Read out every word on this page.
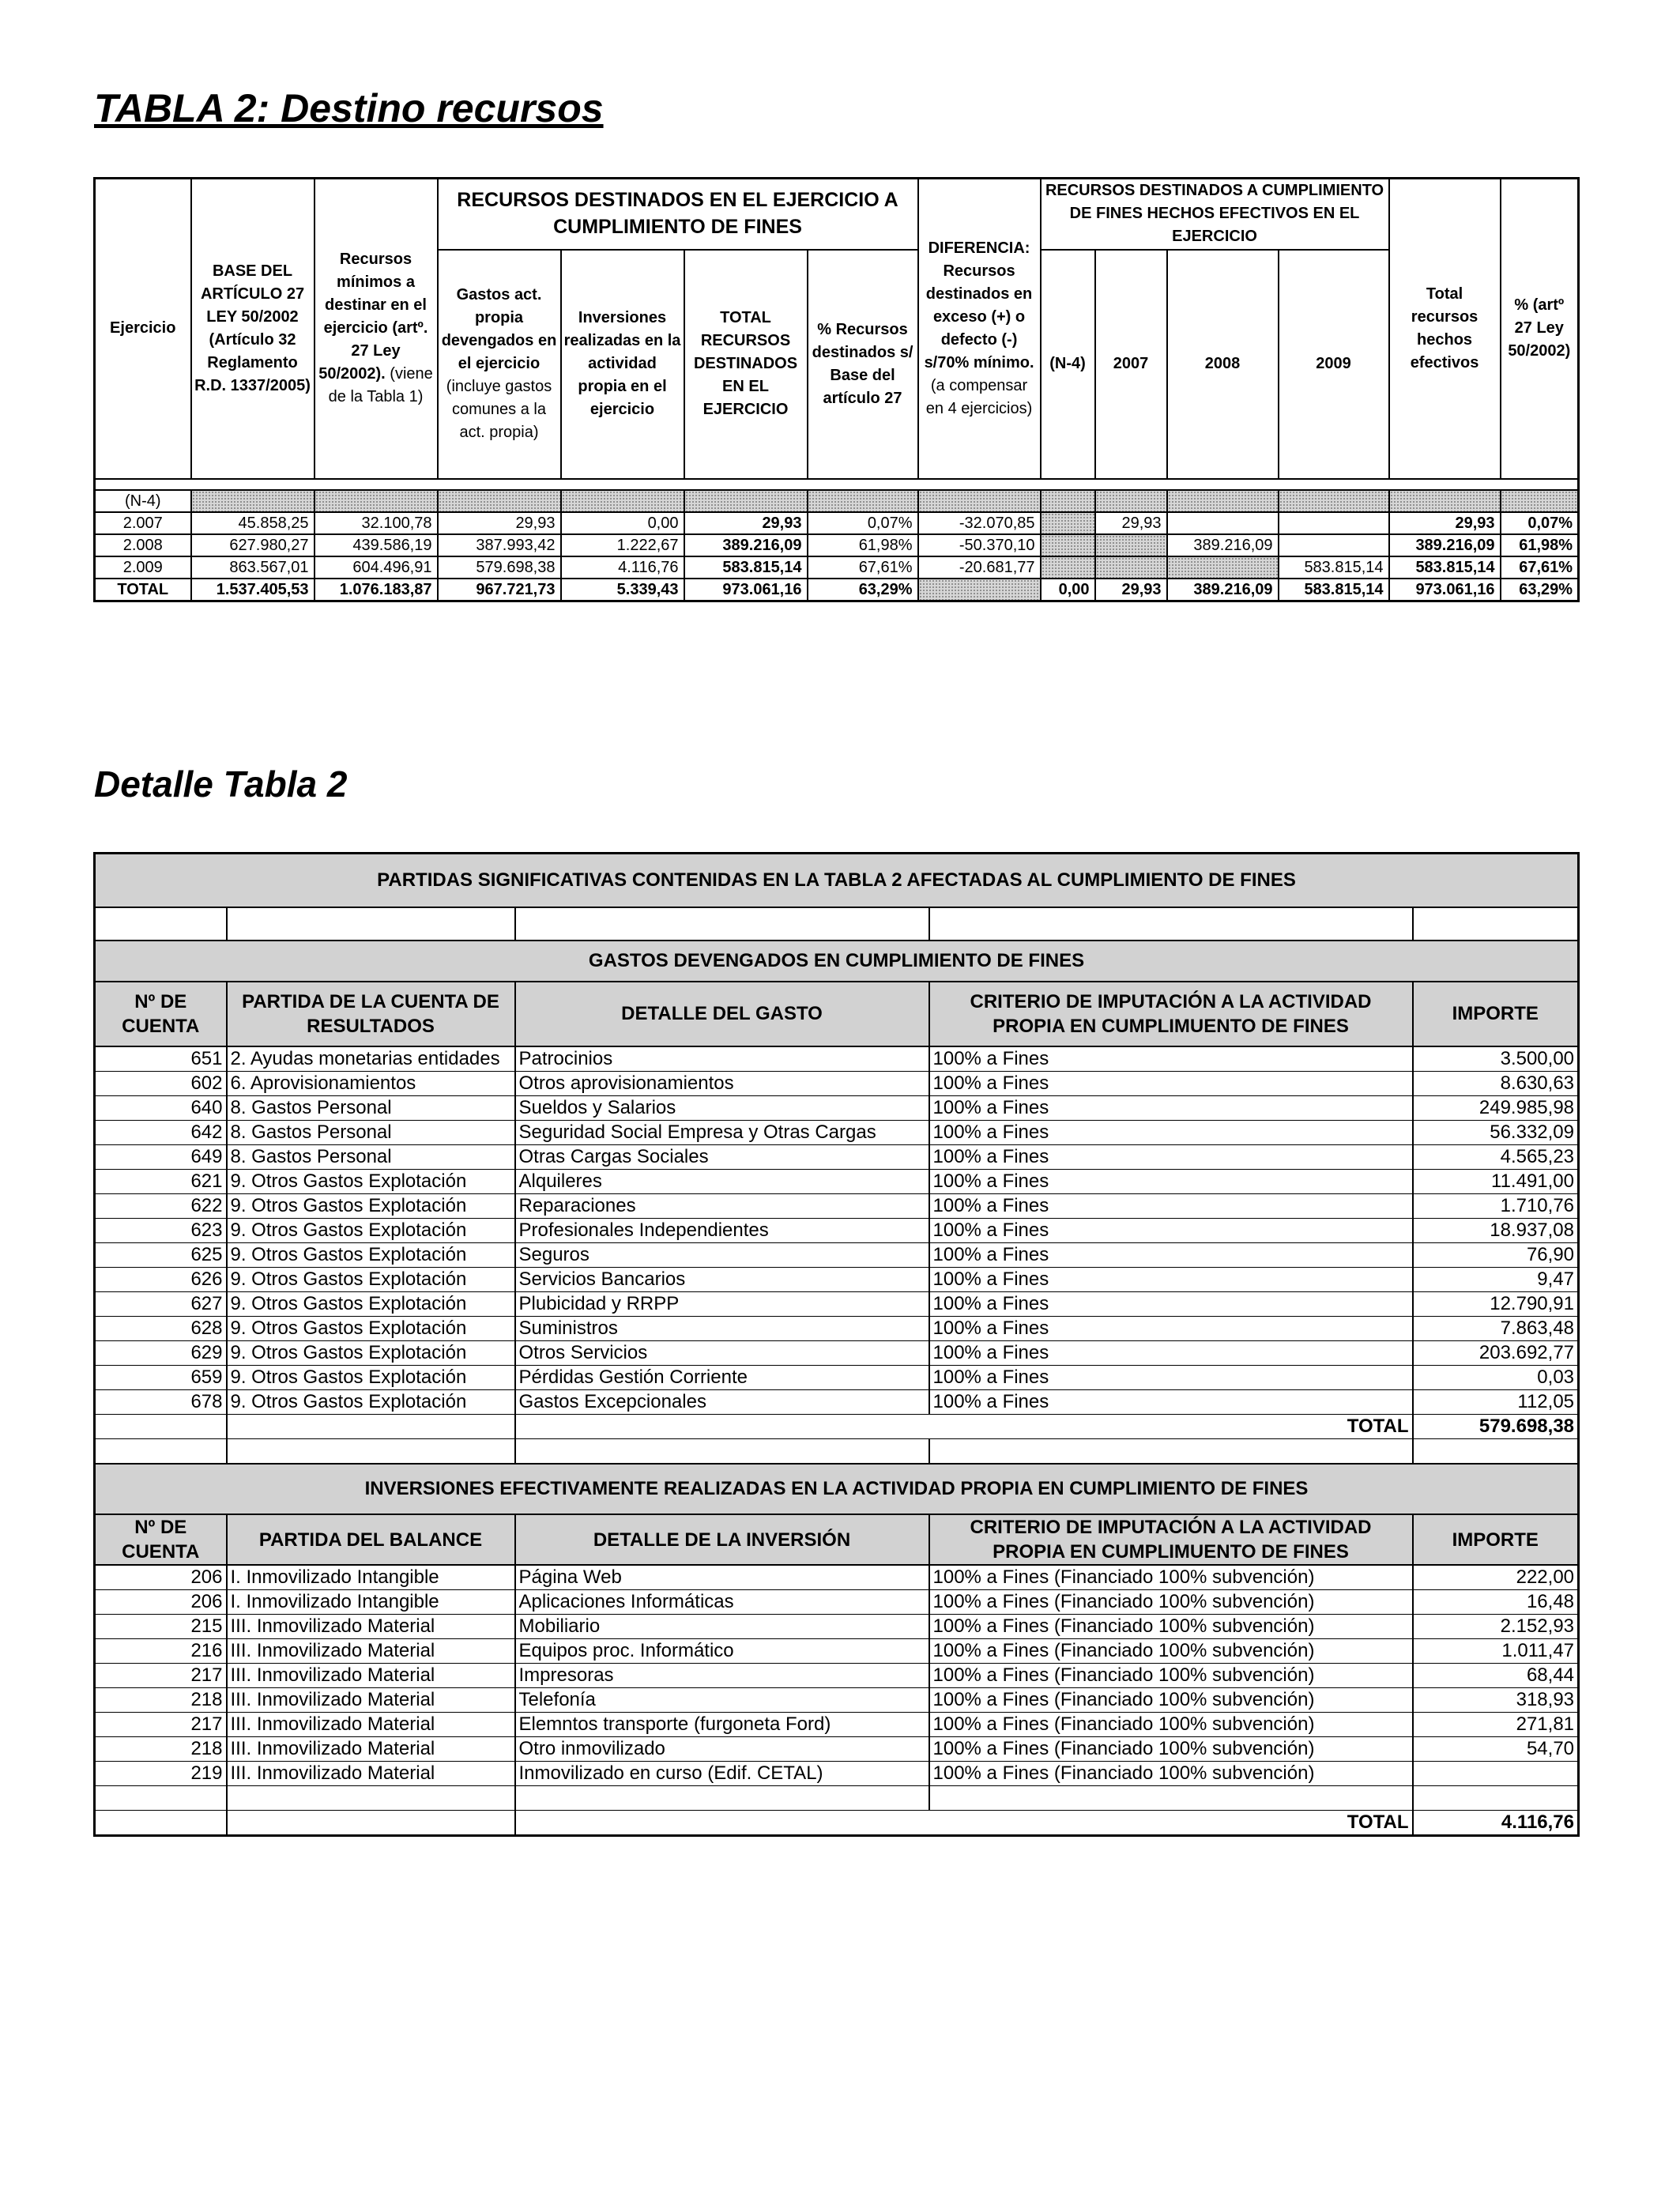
TABLA 2: Destino recursos
Ejercicio	BASE DEL ARTÍCULO 27 LEY 50/2002 (Artículo 32 Reglamento R.D. 1337/2005)	Recursos mínimos a destinar en el ejercicio (artº. 27 Ley 50/2002). (viene de la Tabla 1)	RECURSOS DESTINADOS EN EL EJERCICIO A CUMPLIMIENTO DE FINES				DIFERENCIA: Recursos destinados en exceso (+) o defecto (-) s/70% mínimo. (a compensar en 4 ejercicios)	RECURSOS DESTINADOS A CUMPLIMIENTO DE FINES HECHOS EFECTIVOS EN EL EJERCICIO				Total recursos hechos efectivos	% (artº 27 Ley 50/2002)
			Gastos act. propia devengados en el ejercicio (incluye gastos comunes a la act. propia)	Inversiones realizadas en la actividad propia en el ejercicio	TOTAL RECURSOS DESTINADOS EN EL EJERCICIO	% Recursos destinados s/ Base del artículo 27		(N-4)	2007	2008	2009		

(N-4)													
2.007	45.858,25	32.100,78	29,93	0,00	29,93	0,07%	-32.070,85		29,93			29,93	0,07%
2.008	627.980,27	439.586,19	387.993,42	1.222,67	389.216,09	61,98%	-50.370,10			389.216,09		389.216,09	61,98%
2.009	863.567,01	604.496,91	579.698,38	4.116,76	583.815,14	67,61%	-20.681,77				583.815,14	583.815,14	67,61%
TOTAL	1.537.405,53	1.076.183,87	967.721,73	5.339,43	973.061,16	63,29%		0,00	29,93	389.216,09	583.815,14	973.061,16	63,29%
Detalle Tabla 2
PARTIDAS SIGNIFICATIVAS CONTENIDAS EN LA TABLA 2 AFECTADAS AL CUMPLIMIENTO DE FINES				

GASTOS DEVENGADOS EN CUMPLIMIENTO DE FINES				
Nº DE CUENTA	PARTIDA DE LA CUENTA DE RESULTADOS	DETALLE DEL GASTO	CRITERIO DE IMPUTACIÓN A LA ACTIVIDAD PROPIA EN CUMPLIMUENTO DE FINES	IMPORTE
651	2. Ayudas monetarias entidades	Patrocinios	100% a Fines	3.500,00
602	6. Aprovisionamientos	Otros aprovisionamientos	100% a Fines	8.630,63
640	8. Gastos Personal	Sueldos y Salarios	100% a Fines	249.985,98
642	8. Gastos Personal	Seguridad Social Empresa y Otras Cargas	100% a Fines	56.332,09
649	8. Gastos Personal	Otras Cargas Sociales	100% a Fines	4.565,23
621	9. Otros Gastos Explotación	Alquileres	100% a Fines	11.491,00
622	9. Otros Gastos Explotación	Reparaciones	100% a Fines	1.710,76
623	9. Otros Gastos Explotación	Profesionales Independientes	100% a Fines	18.937,08
625	9. Otros Gastos Explotación	Seguros	100% a Fines	76,90
626	9. Otros Gastos Explotación	Servicios Bancarios	100% a Fines	9,47
627	9. Otros Gastos Explotación	Plubicidad y RRPP	100% a Fines	12.790,91
628	9. Otros Gastos Explotación	Suministros	100% a Fines	7.863,48
629	9. Otros Gastos Explotación	Otros Servicios	100% a Fines	203.692,77
659	9. Otros Gastos Explotación	Pérdidas Gestión Corriente	100% a Fines	0,03
678	9. Otros Gastos Explotación	Gastos Excepcionales	100% a Fines	112,05
		TOTAL		579.698,38

INVERSIONES EFECTIVAMENTE REALIZADAS EN LA ACTIVIDAD PROPIA EN CUMPLIMIENTO DE FINES				
Nº DE CUENTA	PARTIDA DEL BALANCE	DETALLE DE LA INVERSIÓN	CRITERIO DE IMPUTACIÓN A LA ACTIVIDAD PROPIA EN CUMPLIMUENTO DE FINES	IMPORTE
206	I. Inmovilizado Intangible	Página Web	100% a Fines (Financiado 100% subvención)	222,00
206	I. Inmovilizado Intangible	Aplicaciones Informáticas	100% a Fines (Financiado 100% subvención)	16,48
215	III. Inmovilizado Material	Mobiliario	100% a Fines (Financiado 100% subvención)	2.152,93
216	III. Inmovilizado Material	Equipos proc. Informático	100% a Fines (Financiado 100% subvención)	1.011,47
217	III. Inmovilizado Material	Impresoras	100% a Fines (Financiado 100% subvención)	68,44
218	III. Inmovilizado Material	Telefonía	100% a Fines (Financiado 100% subvención)	318,93
217	III. Inmovilizado Material	Elemntos transporte (furgoneta Ford)	100% a Fines (Financiado 100% subvención)	271,81
218	III. Inmovilizado Material	Otro inmovilizado	100% a Fines (Financiado 100% subvención)	54,70
219	III. Inmovilizado Material	Inmovilizado en curso (Edif. CETAL)	100% a Fines (Financiado 100% subvención)	

		TOTAL		4.116,76
